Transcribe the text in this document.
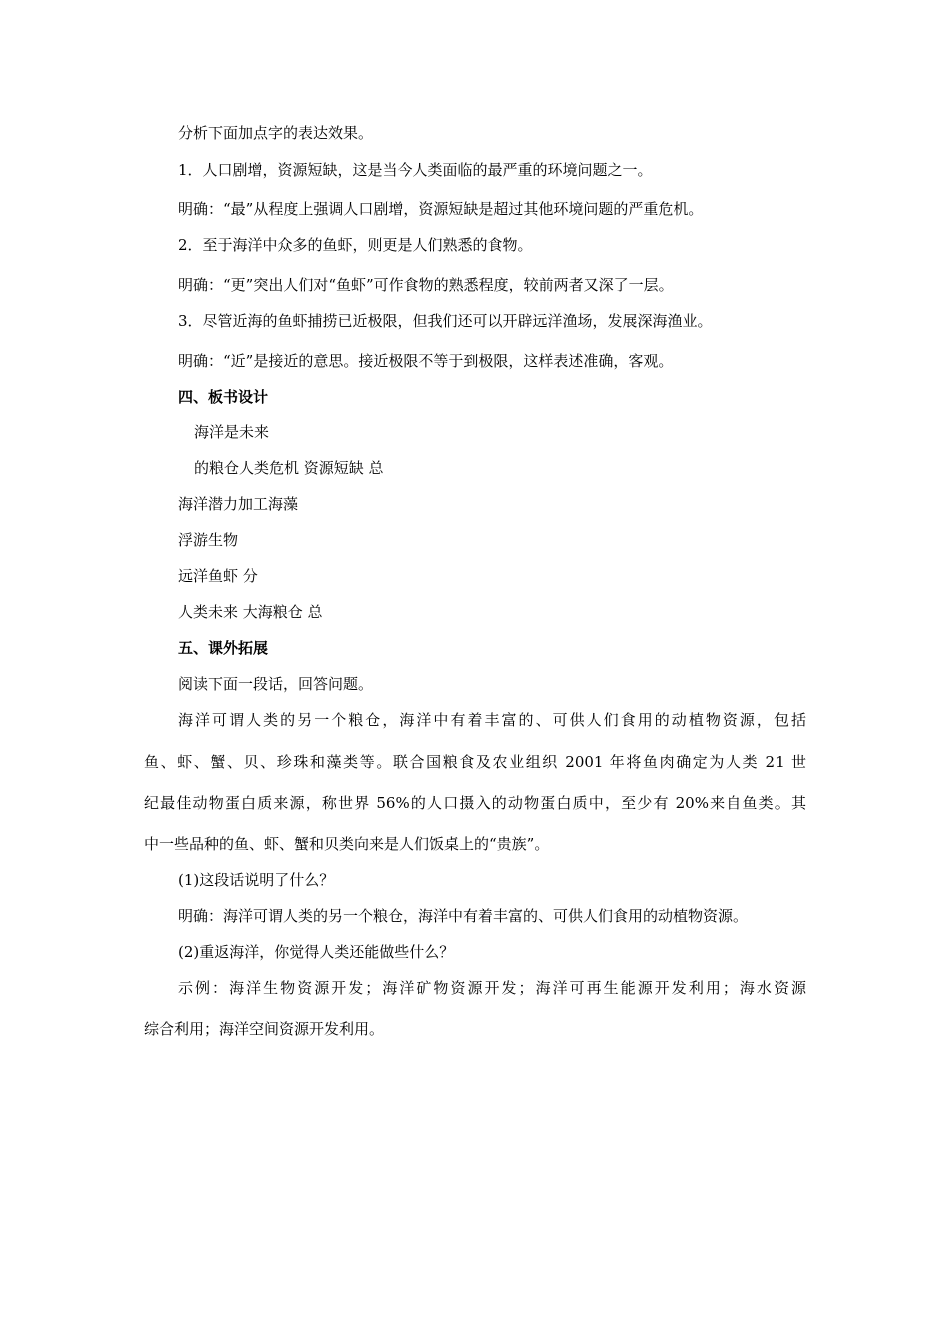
分析下面加点字的表达效果。
1．人口剧增，资源短缺，这是当今人类面临的最严重的环境问题之一。
明确：“最”从程度上强调人口剧增，资源短缺是超过其他环境问题的严重危机。
2．至于海洋中众多的鱼虾，则更是人们熟悉的食物。
明确：“更”突出人们对“鱼虾”可作食物的熟悉程度，较前两者又深了一层。
3．尽管近海的鱼虾捕捞已近极限，但我们还可以开辟远洋渔场，发展深海渔业。
明确：“近”是接近的意思。接近极限不等于到极限，这样表述准确，客观。
四、板书设计
海洋是未来
的粮仓人类危机 资源短缺 总
海洋潜力加工海藻
浮游生物
远洋鱼虾 分
人类未来 大海粮仓 总
五、课外拓展
阅读下面一段话，回答问题。
海洋可谓人类的另一个粮仓，海洋中有着丰富的、可供人们食用的动植物资源，包括
鱼、虾、蟹、贝、珍珠和藻类等。联合国粮食及农业组织 2001 年将鱼肉确定为人类 21 世
纪最佳动物蛋白质来源，称世界 56%的人口摄入的动物蛋白质中，至少有 20%来自鱼类。其
中一些品种的鱼、虾、蟹和贝类向来是人们饭桌上的“贵族”。
(1)这段话说明了什么？
明确：海洋可谓人类的另一个粮仓，海洋中有着丰富的、可供人们食用的动植物资源。
(2)重返海洋，你觉得人类还能做些什么？
示例：海洋生物资源开发；海洋矿物资源开发；海洋可再生能源开发利用；海水资源
综合利用；海洋空间资源开发利用。
